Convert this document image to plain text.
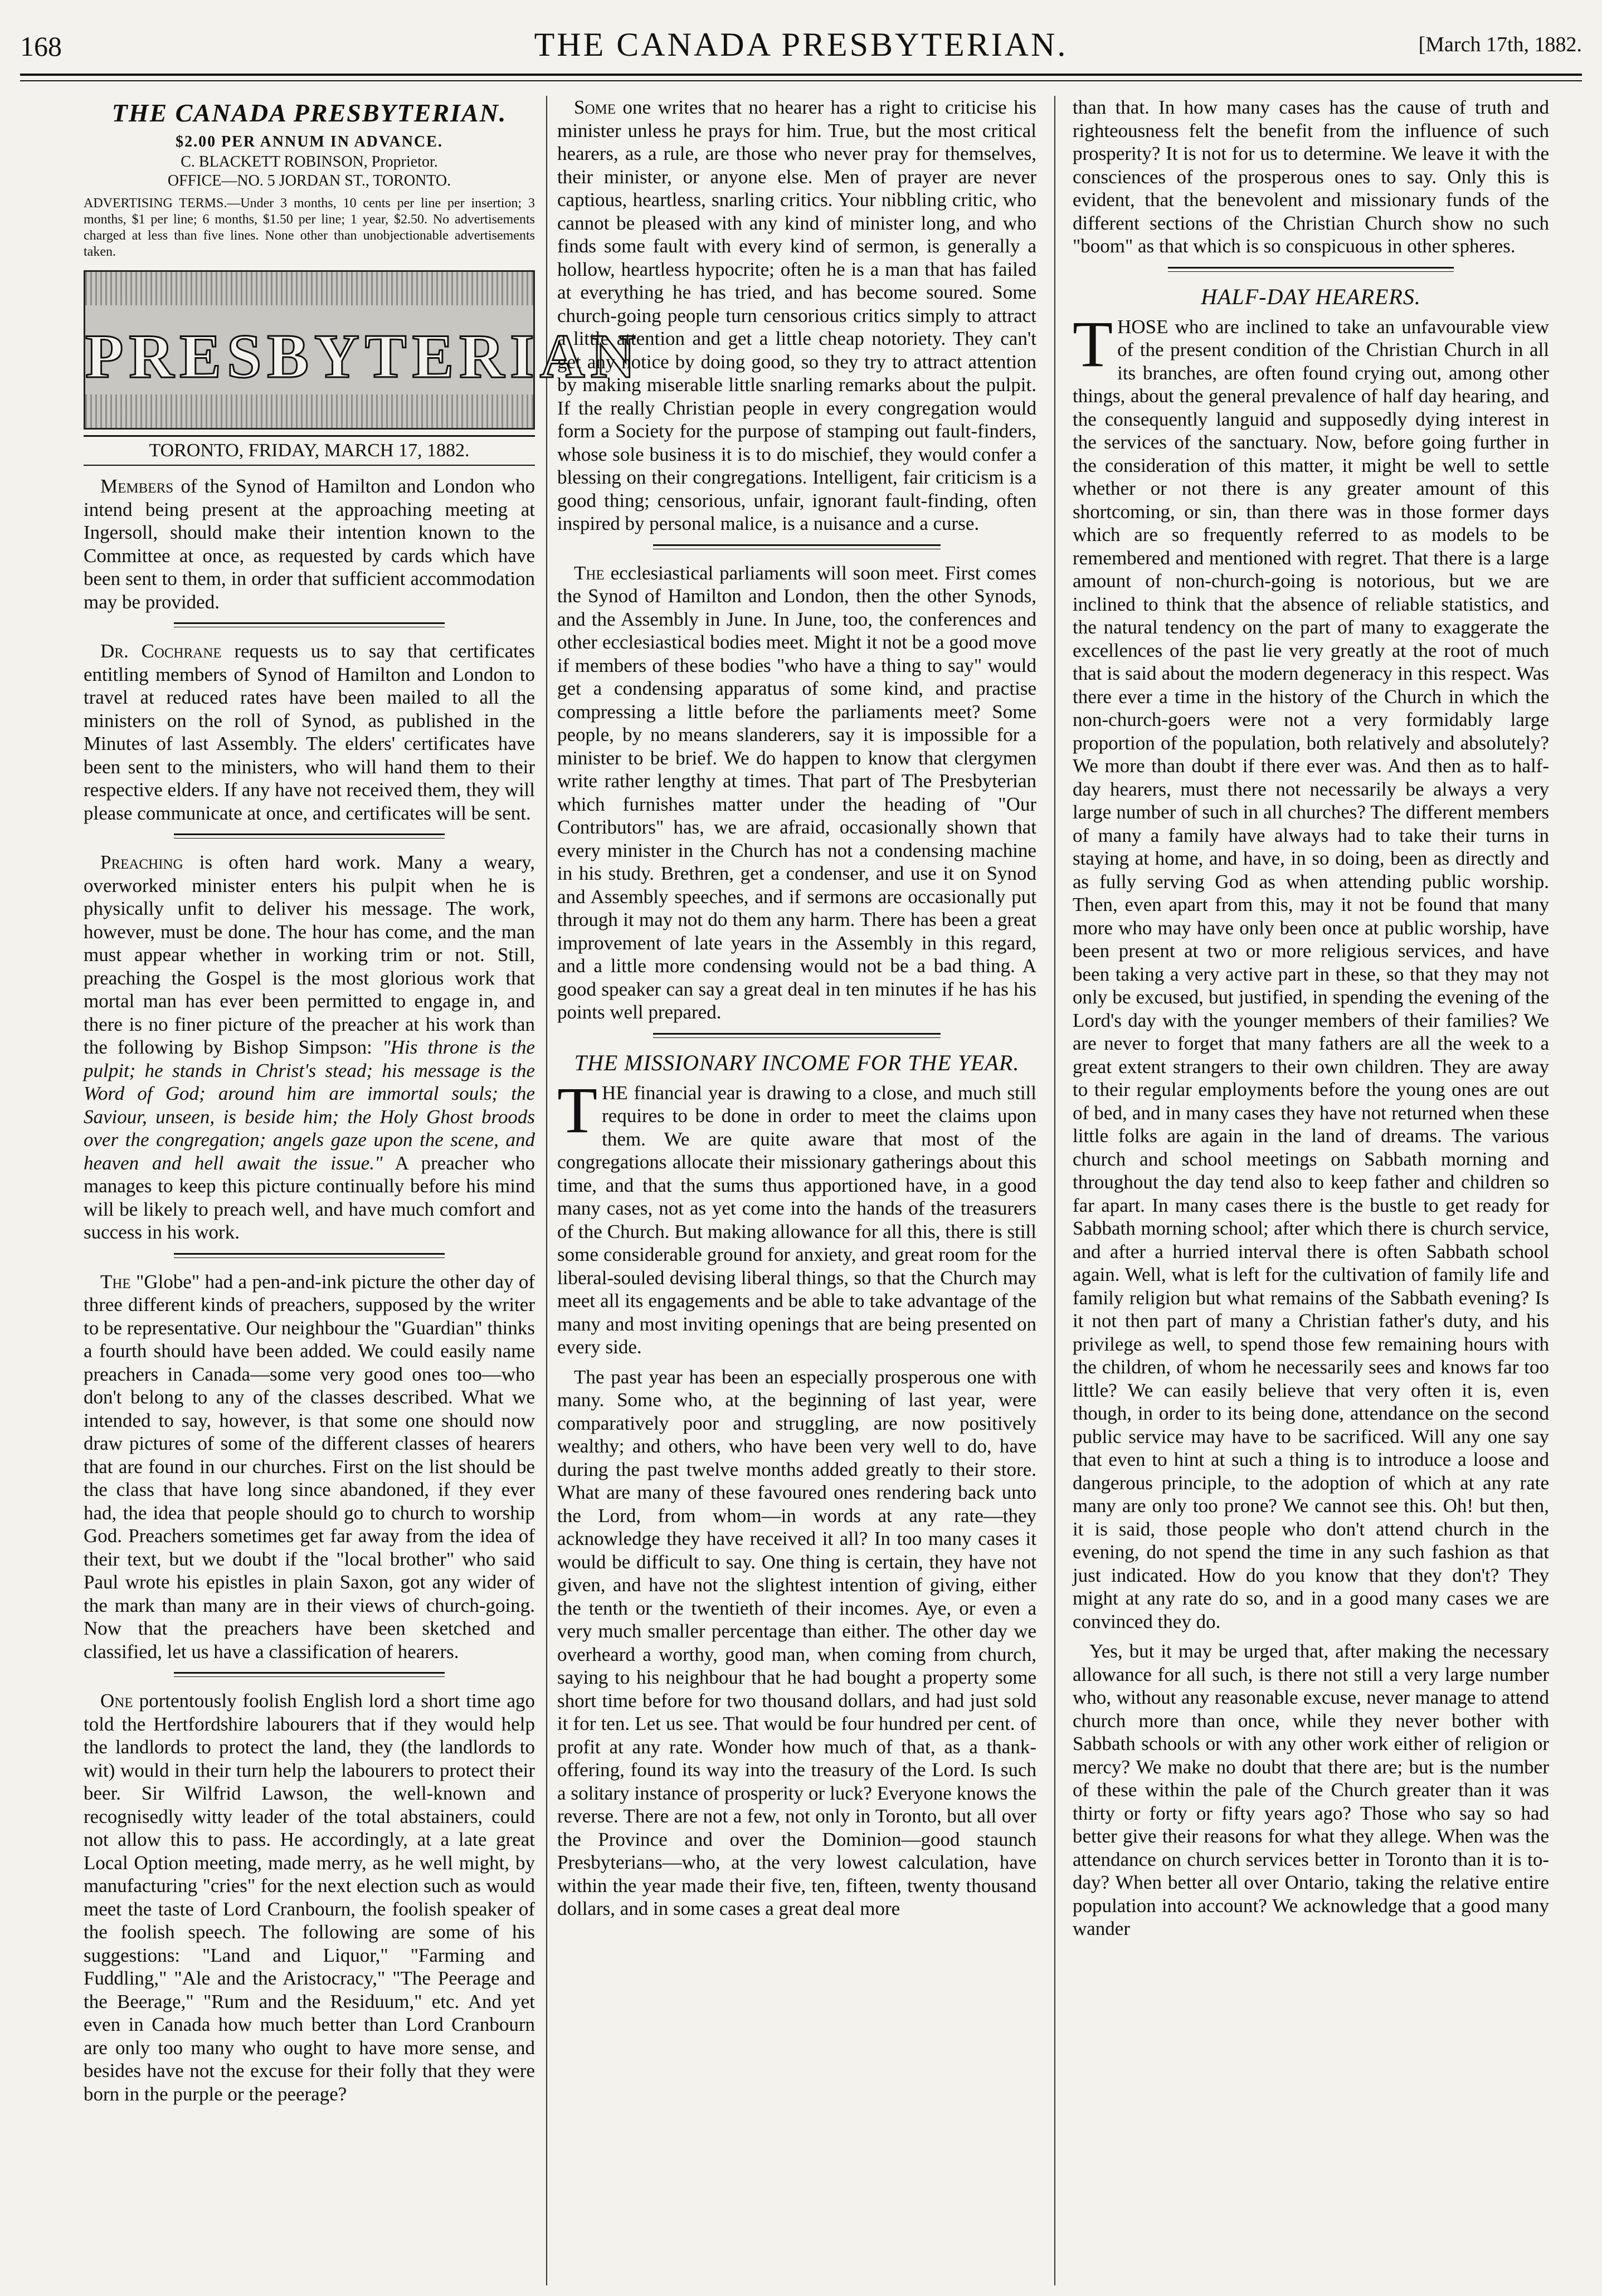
168	THE CANADA PRESBYTERIAN.	[March 17th, 1882.
THE CANADA PRESBYTERIAN.
$2.00 PER ANNUM IN ADVANCE.
C. BLACKETT ROBINSON, Proprietor.
OFFICE—NO. 5 JORDAN ST., TORONTO.

ADVERTISING TERMS.—Under 3 months, 10 cents per line per insertion; 3 months, $1 per line; 6 months, $1.50 per line; 1 year, $2.50. No advertisements charged at less than five lines. None other than unobjectionable advertisements taken.

PRESBYTERIAN
TORONTO, FRIDAY, MARCH 17, 1882.

Members of the Synod of Hamilton and London who intend being present at the approaching meeting at Ingersoll, should make their intention known to the Committee at once, as requested by cards which have been sent to them, in order that sufficient accommodation may be provided.

Dr. Cochrane requests us to say that certificates entitling members of Synod of Hamilton and London to travel at reduced rates have been mailed to all the ministers on the roll of Synod, as published in the Minutes of last Assembly. The elders' certificates have been sent to the ministers, who will hand them to their respective elders. If any have not received them, they will please communicate at once, and certificates will be sent.

Preaching is often hard work. Many a weary, overworked minister enters his pulpit when he is physically unfit to deliver his message. The work, however, must be done. The hour has come, and the man must appear whether in working trim or not. Still, preaching the Gospel is the most glorious work that mortal man has ever been permitted to engage in, and there is no finer picture of the preacher at his work than the following by Bishop Simpson: "His throne is the pulpit; he stands in Christ's stead; his message is the Word of God; around him are immortal souls; the Saviour, unseen, is beside him; the Holy Ghost broods over the congregation; angels gaze upon the scene, and heaven and hell await the issue." A preacher who manages to keep this picture continually before his mind will be likely to preach well, and have much comfort and success in his work.

The "Globe" had a pen-and-ink picture the other day of three different kinds of preachers, supposed by the writer to be representative. Our neighbour the "Guardian" thinks a fourth should have been added. We could easily name preachers in Canada—some very good ones too—who don't belong to any of the classes described. What we intended to say, however, is that some one should now draw pictures of some of the different classes of hearers that are found in our churches. First on the list should be the class that have long since abandoned, if they ever had, the idea that people should go to church to worship God. Preachers sometimes get far away from the idea of their text, but we doubt if the "local brother" who said Paul wrote his epistles in plain Saxon, got any wider of the mark than many are in their views of church-going. Now that the preachers have been sketched and classified, let us have a classification of hearers.

One portentously foolish English lord a short time ago told the Hertfordshire labourers that if they would help the landlords to protect the land, they (the landlords to wit) would in their turn help the labourers to protect their beer. Sir Wilfrid Lawson, the well-known and recognisedly witty leader of the total abstainers, could not allow this to pass. He accordingly, at a late great Local Option meeting, made merry, as he well might, by manufacturing "cries" for the next election such as would meet the taste of Lord Cranbourn, the foolish speaker of the foolish speech. The following are some of his suggestions: "Land and Liquor," "Farming and Fuddling," "Ale and the Aristocracy," "The Peerage and the Beerage," "Rum and the Residuum," etc. And yet even in Canada how much better than Lord Cranbourn are only too many who ought to have more sense, and besides have not the excuse for their folly that they were born in the purple or the peerage?

Some one writes that no hearer has a right to criticise his minister unless he prays for him. True, but the most critical hearers, as a rule, are those who never pray for themselves, their minister, or anyone else. Men of prayer are never captious, heartless, snarling critics. Your nibbling critic, who cannot be pleased with any kind of minister long, and who finds some fault with every kind of sermon, is generally a hollow, heartless hypocrite; often he is a man that has failed at everything he has tried, and has become soured. Some church-going people turn censorious critics simply to attract a little attention and get a little cheap notoriety. They can't get any notice by doing good, so they try to attract attention by making miserable little snarling remarks about the pulpit. If the really Christian people in every congregation would form a Society for the purpose of stamping out fault-finders, whose sole business it is to do mischief, they would confer a blessing on their congregations. Intelligent, fair criticism is a good thing; censorious, unfair, ignorant fault-finding, often inspired by personal malice, is a nuisance and a curse.

The ecclesiastical parliaments will soon meet. First comes the Synod of Hamilton and London, then the other Synods, and the Assembly in June. In June, too, the conferences and other ecclesiastical bodies meet. Might it not be a good move if members of these bodies "who have a thing to say" would get a condensing apparatus of some kind, and practise compressing a little before the parliaments meet? Some people, by no means slanderers, say it is impossible for a minister to be brief. We do happen to know that clergymen write rather lengthy at times. That part of The Presbyterian which furnishes matter under the heading of "Our Contributors" has, we are afraid, occasionally shown that every minister in the Church has not a condensing machine in his study. Brethren, get a condenser, and use it on Synod and Assembly speeches, and if sermons are occasionally put through it may not do them any harm. There has been a great improvement of late years in the Assembly in this regard, and a little more condensing would not be a bad thing. A good speaker can say a great deal in ten minutes if he has his points well prepared.

THE MISSIONARY INCOME FOR THE YEAR.

THE financial year is drawing to a close, and much still requires to be done in order to meet the claims upon them. We are quite aware that most of the congregations allocate their missionary gatherings about this time, and that the sums thus apportioned have, in a good many cases, not as yet come into the hands of the treasurers of the Church. But making allowance for all this, there is still some considerable ground for anxiety, and great room for the liberal-souled devising liberal things, so that the Church may meet all its engagements and be able to take advantage of the many and most inviting openings that are being presented on every side.

The past year has been an especially prosperous one with many. Some who, at the beginning of last year, were comparatively poor and struggling, are now positively wealthy; and others, who have been very well to do, have during the past twelve months added greatly to their store. What are many of these favoured ones rendering back unto the Lord, from whom—in words at any rate—they acknowledge they have received it all? In too many cases it would be difficult to say. One thing is certain, they have not given, and have not the slightest intention of giving, either the tenth or the twentieth of their incomes. Aye, or even a very much smaller percentage than either. The other day we overheard a worthy, good man, when coming from church, saying to his neighbour that he had bought a property some short time before for two thousand dollars, and had just sold it for ten. Let us see. That would be four hundred per cent. of profit at any rate. Wonder how much of that, as a thank-offering, found its way into the treasury of the Lord. Is such a solitary instance of prosperity or luck? Everyone knows the reverse. There are not a few, not only in Toronto, but all over the Province and over the Dominion—good staunch Presbyterians—who, at the very lowest calculation, have within the year made their five, ten, fifteen, twenty thousand dollars, and in some cases a great deal more

than that. In how many cases has the cause of truth and righteousness felt the benefit from the influence of such prosperity? It is not for us to determine. We leave it with the consciences of the prosperous ones to say. Only this is evident, that the benevolent and missionary funds of the different sections of the Christian Church show no such "boom" as that which is so conspicuous in other spheres.

HALF-DAY HEARERS.

THOSE who are inclined to take an unfavourable view of the present condition of the Christian Church in all its branches, are often found crying out, among other things, about the general prevalence of half day hearing, and the consequently languid and supposedly dying interest in the services of the sanctuary. Now, before going further in the consideration of this matter, it might be well to settle whether or not there is any greater amount of this shortcoming, or sin, than there was in those former days which are so frequently referred to as models to be remembered and mentioned with regret. That there is a large amount of non-church-going is notorious, but we are inclined to think that the absence of reliable statistics, and the natural tendency on the part of many to exaggerate the excellences of the past lie very greatly at the root of much that is said about the modern degeneracy in this respect. Was there ever a time in the history of the Church in which the non-church-goers were not a very formidably large proportion of the population, both relatively and absolutely? We more than doubt if there ever was. And then as to half-day hearers, must there not necessarily be always a very large number of such in all churches? The different members of many a family have always had to take their turns in staying at home, and have, in so doing, been as directly and as fully serving God as when attending public worship. Then, even apart from this, may it not be found that many more who may have only been once at public worship, have been present at two or more religious services, and have been taking a very active part in these, so that they may not only be excused, but justified, in spending the evening of the Lord's day with the younger members of their families? We are never to forget that many fathers are all the week to a great extent strangers to their own children. They are away to their regular employments before the young ones are out of bed, and in many cases they have not returned when these little folks are again in the land of dreams. The various church and school meetings on Sabbath morning and throughout the day tend also to keep father and children so far apart. In many cases there is the bustle to get ready for Sabbath morning school; after which there is church service, and after a hurried interval there is often Sabbath school again. Well, what is left for the cultivation of family life and family religion but what remains of the Sabbath evening? Is it not then part of many a Christian father's duty, and his privilege as well, to spend those few remaining hours with the children, of whom he necessarily sees and knows far too little? We can easily believe that very often it is, even though, in order to its being done, attendance on the second public service may have to be sacrificed. Will any one say that even to hint at such a thing is to introduce a loose and dangerous principle, to the adoption of which at any rate many are only too prone? We cannot see this. Oh! but then, it is said, those people who don't attend church in the evening, do not spend the time in any such fashion as that just indicated. How do you know that they don't? They might at any rate do so, and in a good many cases we are convinced they do.

Yes, but it may be urged that, after making the necessary allowance for all such, is there not still a very large number who, without any reasonable excuse, never manage to attend church more than once, while they never bother with Sabbath schools or with any other work either of religion or mercy? We make no doubt that there are; but is the number of these within the pale of the Church greater than it was thirty or forty or fifty years ago? Those who say so had better give their reasons for what they allege. When was the attendance on church services better in Toronto than it is to-day? When better all over Ontario, taking the relative entire population into account? We acknowledge that a good many wander
